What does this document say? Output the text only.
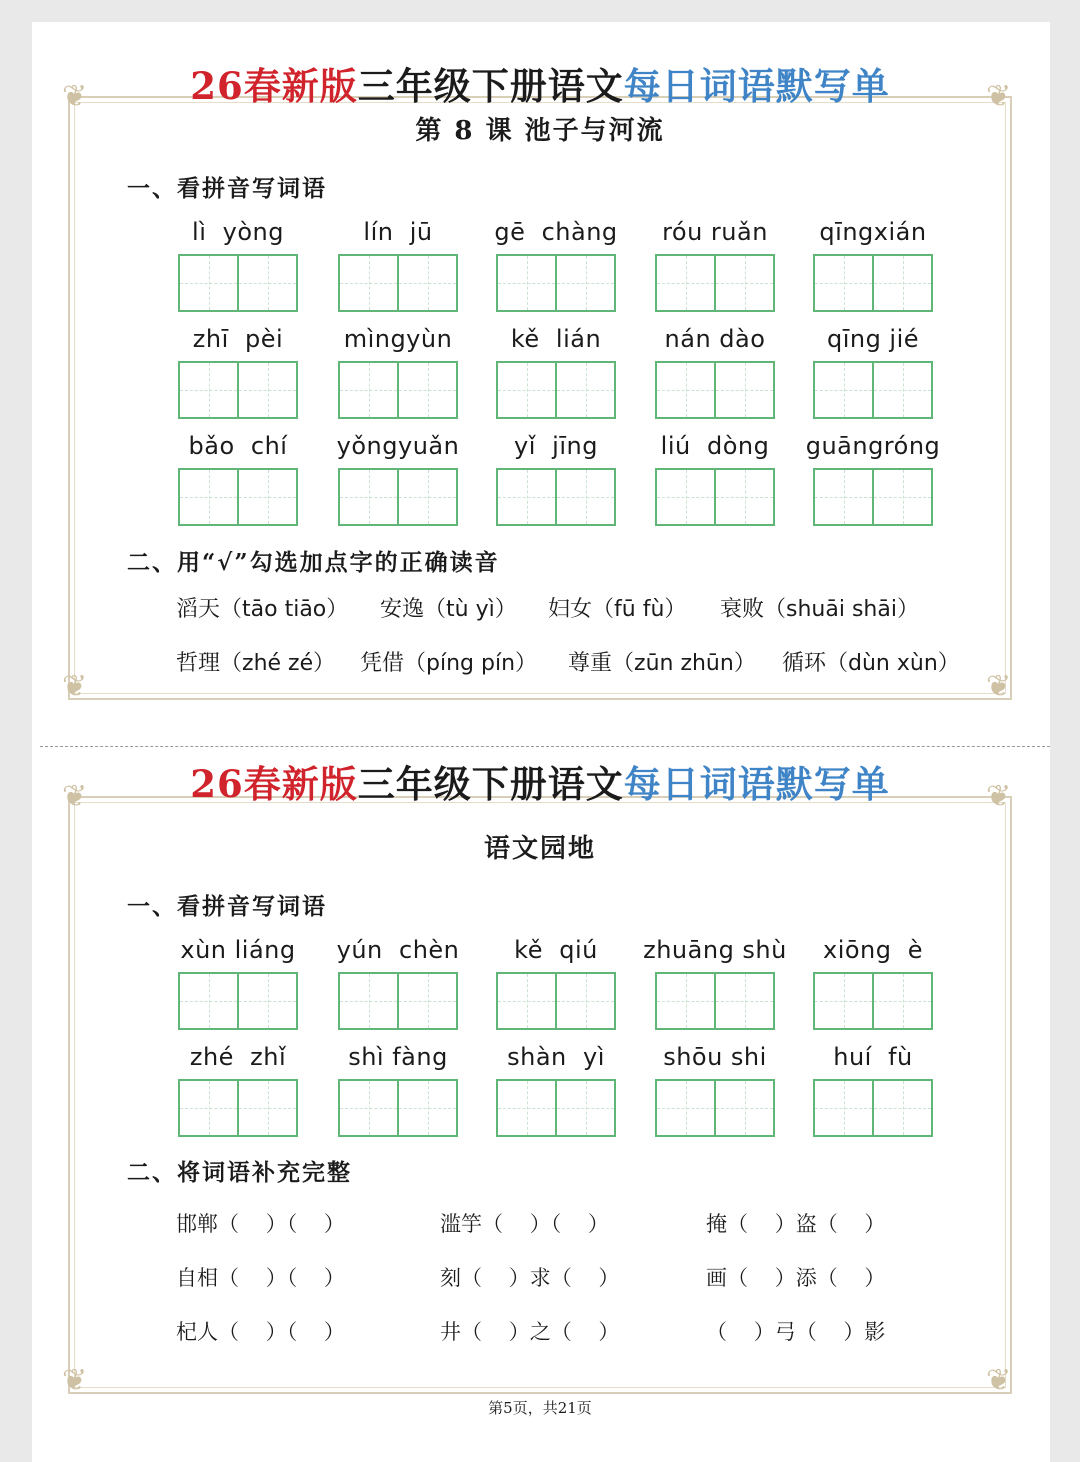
❦	❦
❦	❦
26春新版三年级下册语文每日词语默写单
第 8 课 池子与河流
一、看拼音写词语
lì  yòng	lín  jū	gē  chàng	róu ruǎn	qīngxián
zhī  pèi	mìngyùn	kě  lián	nán dào	qīng jié
bǎo  chí	yǒngyuǎn	yǐ  jīng	liú  dòng	guāngróng
二、用“√”勾选加点字的正确读音
滔天（tāo tiāo） 安逸（tù yì） 妇女（fū fù） 衰败（shuāi shāi）
哲理（zhé zé） 凭借（píng pín） 尊重（zūn zhūn） 循环（dùn xùn）
❦	❦
❦	❦
26春新版三年级下册语文每日词语默写单
语文园地
一、看拼音写词语
xùn liáng	yún  chèn	kě  qiú	zhuāng shù	xiōng  è
zhé  zhǐ	shì fàng	shàn  yì	shōu shi	huí  fù
二、将词语补充完整
邯郸（    ）（    ）	滥竽（    ）（    ）	掩（    ）盗（    ）
自相（    ）（    ）	刻（    ）求（    ）	画（    ）添（    ）
杞人（    ）（    ）	井（    ）之（    ）	（    ）弓（    ）影
第5页，共21页
